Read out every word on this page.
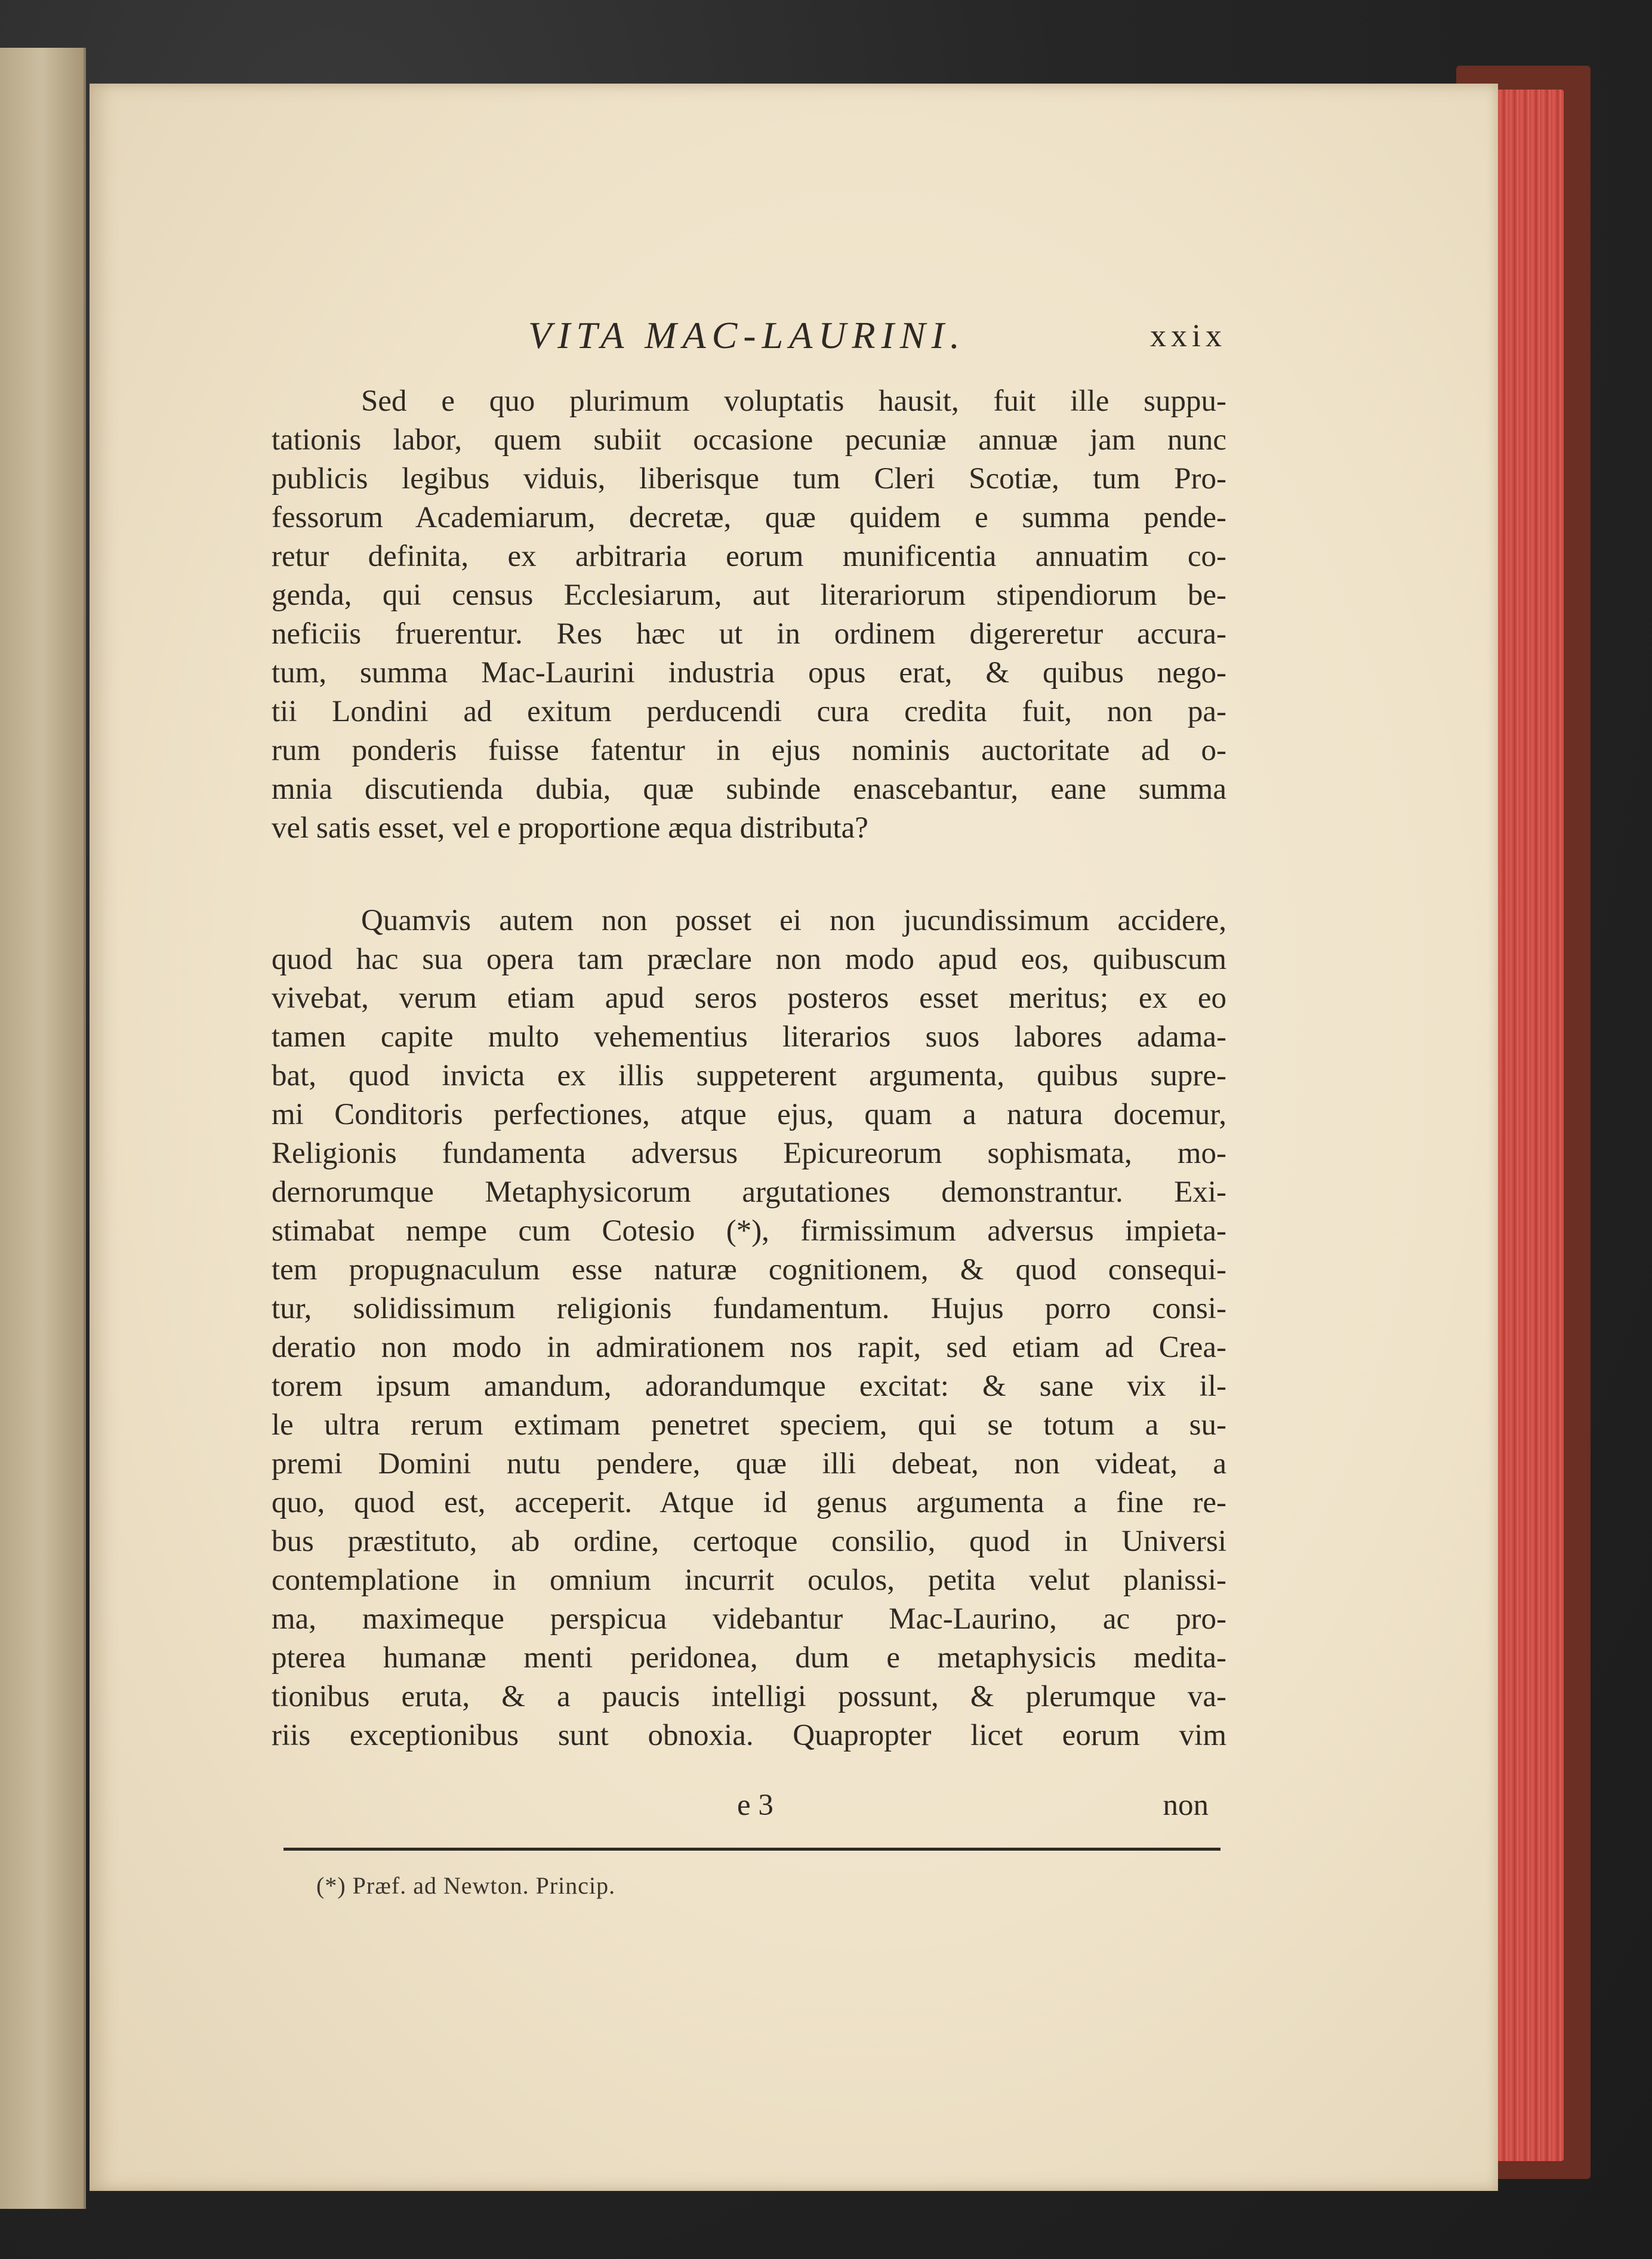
VITA MAC-LAURINI.	xxix
Sed e quo plurimum voluptatis hausit, fuit ille suppu-
tationis labor, quem subiit occasione pecuniæ annuæ jam nunc
publicis legibus viduis, liberisque tum Cleri Scotiæ, tum Pro-
fessorum Academiarum, decretæ, quæ quidem e summa pende-
retur definita, ex arbitraria eorum munificentia annuatim co-
genda, qui census Ecclesiarum, aut literariorum stipendiorum be-
neficiis fruerentur. Res hæc ut in ordinem digereretur accura-
tum, summa Mac-Laurini industria opus erat, & quibus nego-
tii Londini ad exitum perducendi cura credita fuit, non pa-
rum ponderis fuisse fatentur in ejus nominis auctoritate ad o-
mnia discutienda dubia, quæ subinde enascebantur, eane summa
vel satis esset, vel e proportione æqua distributa?
Quamvis autem non posset ei non jucundissimum accidere,
quod hac sua opera tam præclare non modo apud eos, quibuscum
vivebat, verum etiam apud seros posteros esset meritus; ex eo
tamen capite multo vehementius literarios suos labores adama-
bat, quod invicta ex illis suppeterent argumenta, quibus supre-
mi Conditoris perfectiones, atque ejus, quam a natura docemur,
Religionis fundamenta adversus Epicureorum sophismata, mo-
dernorumque Metaphysicorum argutationes demonstrantur. Exi-
stimabat nempe cum Cotesio (*), firmissimum adversus impieta-
tem propugnaculum esse naturæ cognitionem, & quod consequi-
tur, solidissimum religionis fundamentum. Hujus porro consi-
deratio non modo in admirationem nos rapit, sed etiam ad Crea-
torem ipsum amandum, adorandumque excitat: & sane vix il-
le ultra rerum extimam penetret speciem, qui se totum a su-
premi Domini nutu pendere, quæ illi debeat, non videat, a
quo, quod est, acceperit. Atque id genus argumenta a fine re-
bus præstituto, ab ordine, certoque consilio, quod in Universi
contemplatione in omnium incurrit oculos, petita velut planissi-
ma, maximeque perspicua videbantur Mac-Laurino, ac pro-
pterea humanæ menti peridonea, dum e metaphysicis medita-
tionibus eruta, & a paucis intelligi possunt, & plerumque va-
riis exceptionibus sunt obnoxia. Quapropter licet eorum vim
e 3	non
(*) Præf. ad Newton. Princip.
